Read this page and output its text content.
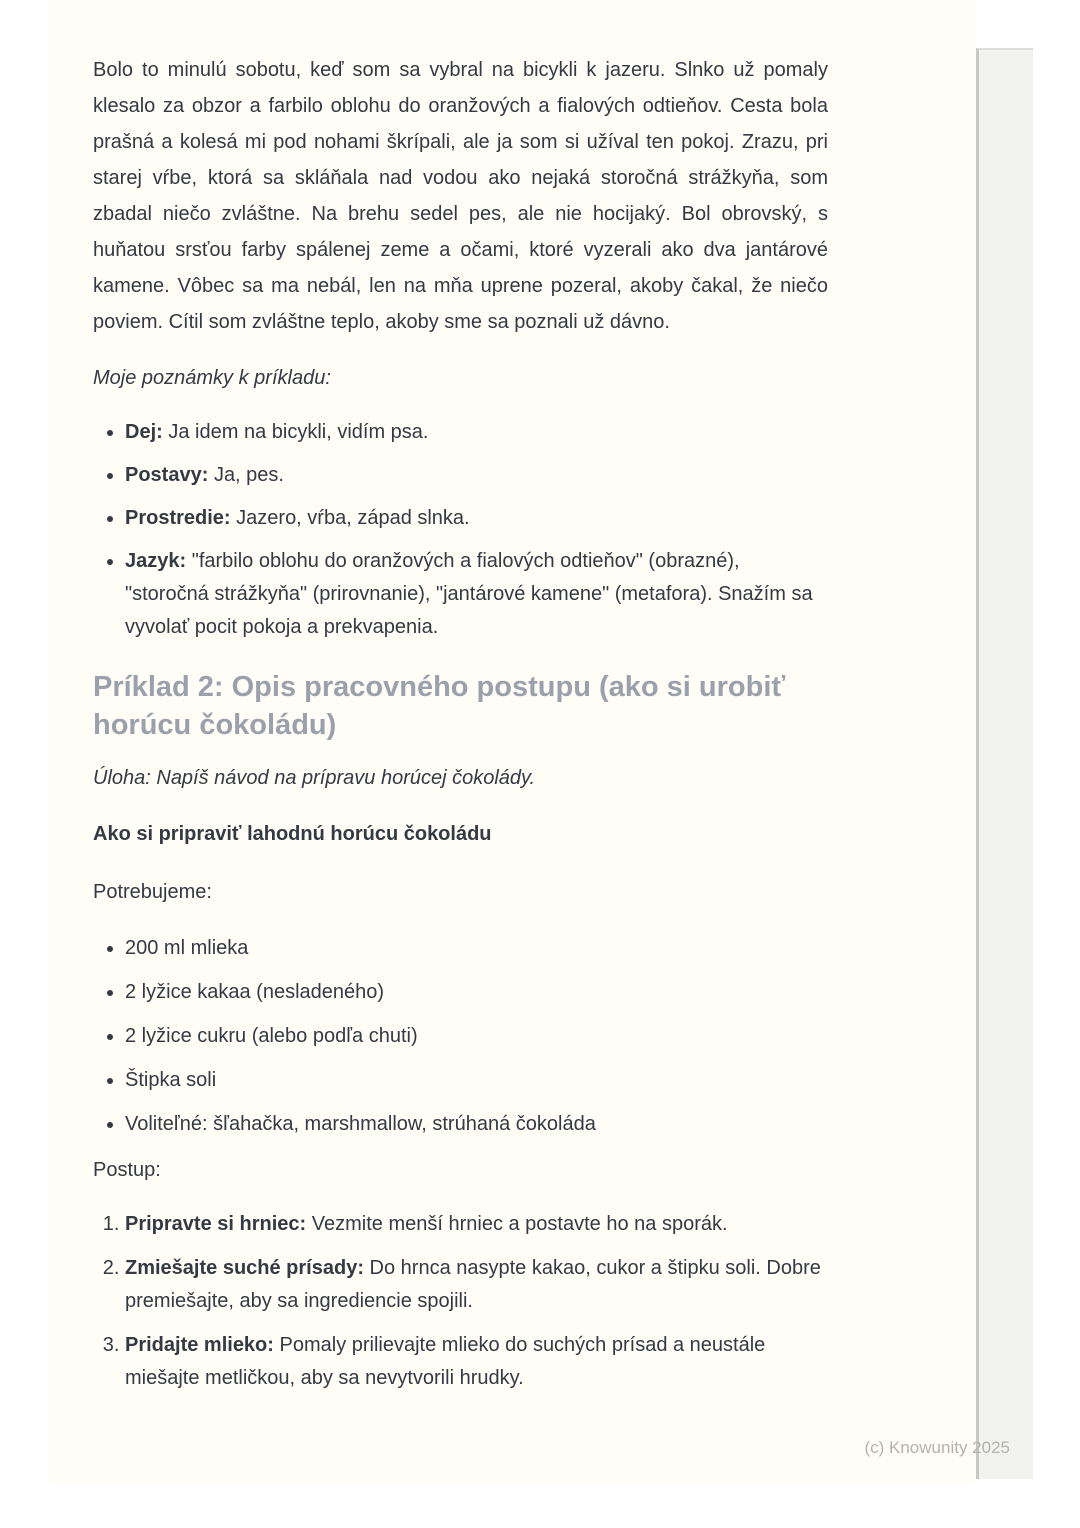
Bolo to minulú sobotu, keď som sa vybral na bicykli k jazeru. Slnko už pomaly klesalo za obzor a farbilo oblohu do oranžových a fialových odtieňov. Cesta bola prašná a kolesá mi pod nohami škrípali, ale ja som si užíval ten pokoj. Zrazu, pri starej vŕbe, ktorá sa skláňala nad vodou ako nejaká storočná strážkyňa, som zbadal niečo zvláštne. Na brehu sedel pes, ale nie hocijaký. Bol obrovský, s huňatou srsťou farby spálenej zeme a očami, ktoré vyzerali ako dva jantárové kamene. Vôbec sa ma nebál, len na mňa uprene pozeral, akoby čakal, že niečo poviem. Cítil som zvláštne teplo, akoby sme sa poznali už dávno.

Moje poznámky k príkladu:

• Dej: Ja idem na bicykli, vidím psa.
• Postavy: Ja, pes.
• Prostredie: Jazero, vŕba, západ slnka.
• Jazyk: "farbilo oblohu do oranžových a fialových odtieňov" (obrazné), "storočná strážkyňa" (prirovnanie), "jantárové kamene" (metafora). Snažím sa vyvolať pocit pokoja a prekvapenia.
Príklad 2: Opis pracovného postupu (ako si urobiť horúcu čokoládu)

Úloha: Napíš návod na prípravu horúcej čokolády.

Ako si pripraviť lahodnú horúcu čokoládu

Potrebujeme:

• 200 ml mlieka
• 2 lyžice kakaa (nesladeného)
• 2 lyžice cukru (alebo podľa chuti)
• Štipka soli
• Voliteľné: šľahačka, marshmallow, strúhaná čokoláda

Postup:

1. Pripravte si hrniec: Vezmite menší hrniec a postavte ho na sporák.
2. Zmiešajte suché prísady: Do hrnca nasypte kakao, cukor a štipku soli. Dobre premiešajte, aby sa ingrediencie spojili.
3. Pridajte mlieko: Pomaly prilievajte mlieko do suchých prísad a neustále miešajte metličkou, aby sa nevytvorili hrudky.
(c) Knowunity 2025
